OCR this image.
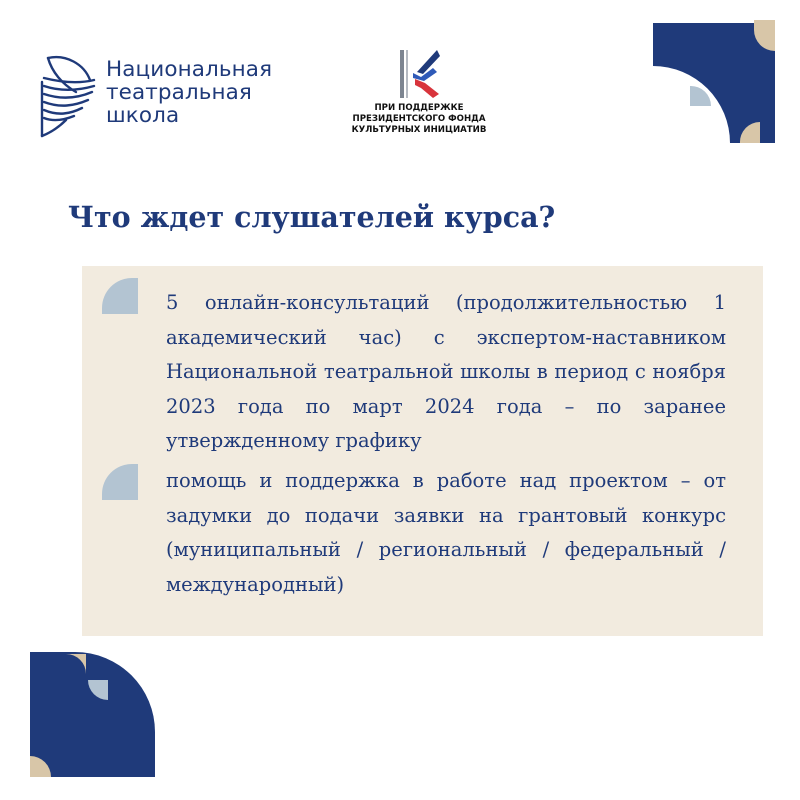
Национальная
театральная
школа	ПРИ ПОДДЕРЖКЕ
ПРЕЗИДЕНТСКОГО ФОНДА
КУЛЬТУРНЫХ ИНИЦИАТИВ
Что ждет слушателей курса?
5 онлайн-консультаций (продолжительностью 1 академический час) с экспертом-наставником Национальной театральной школы в период с ноября 2023 года по март 2024 года – по заранее утвержденному графику
помощь и поддержка в работе над проектом – от задумки до подачи заявки на грантовый конкурс (муниципальный / региональный / федеральный / международный)
